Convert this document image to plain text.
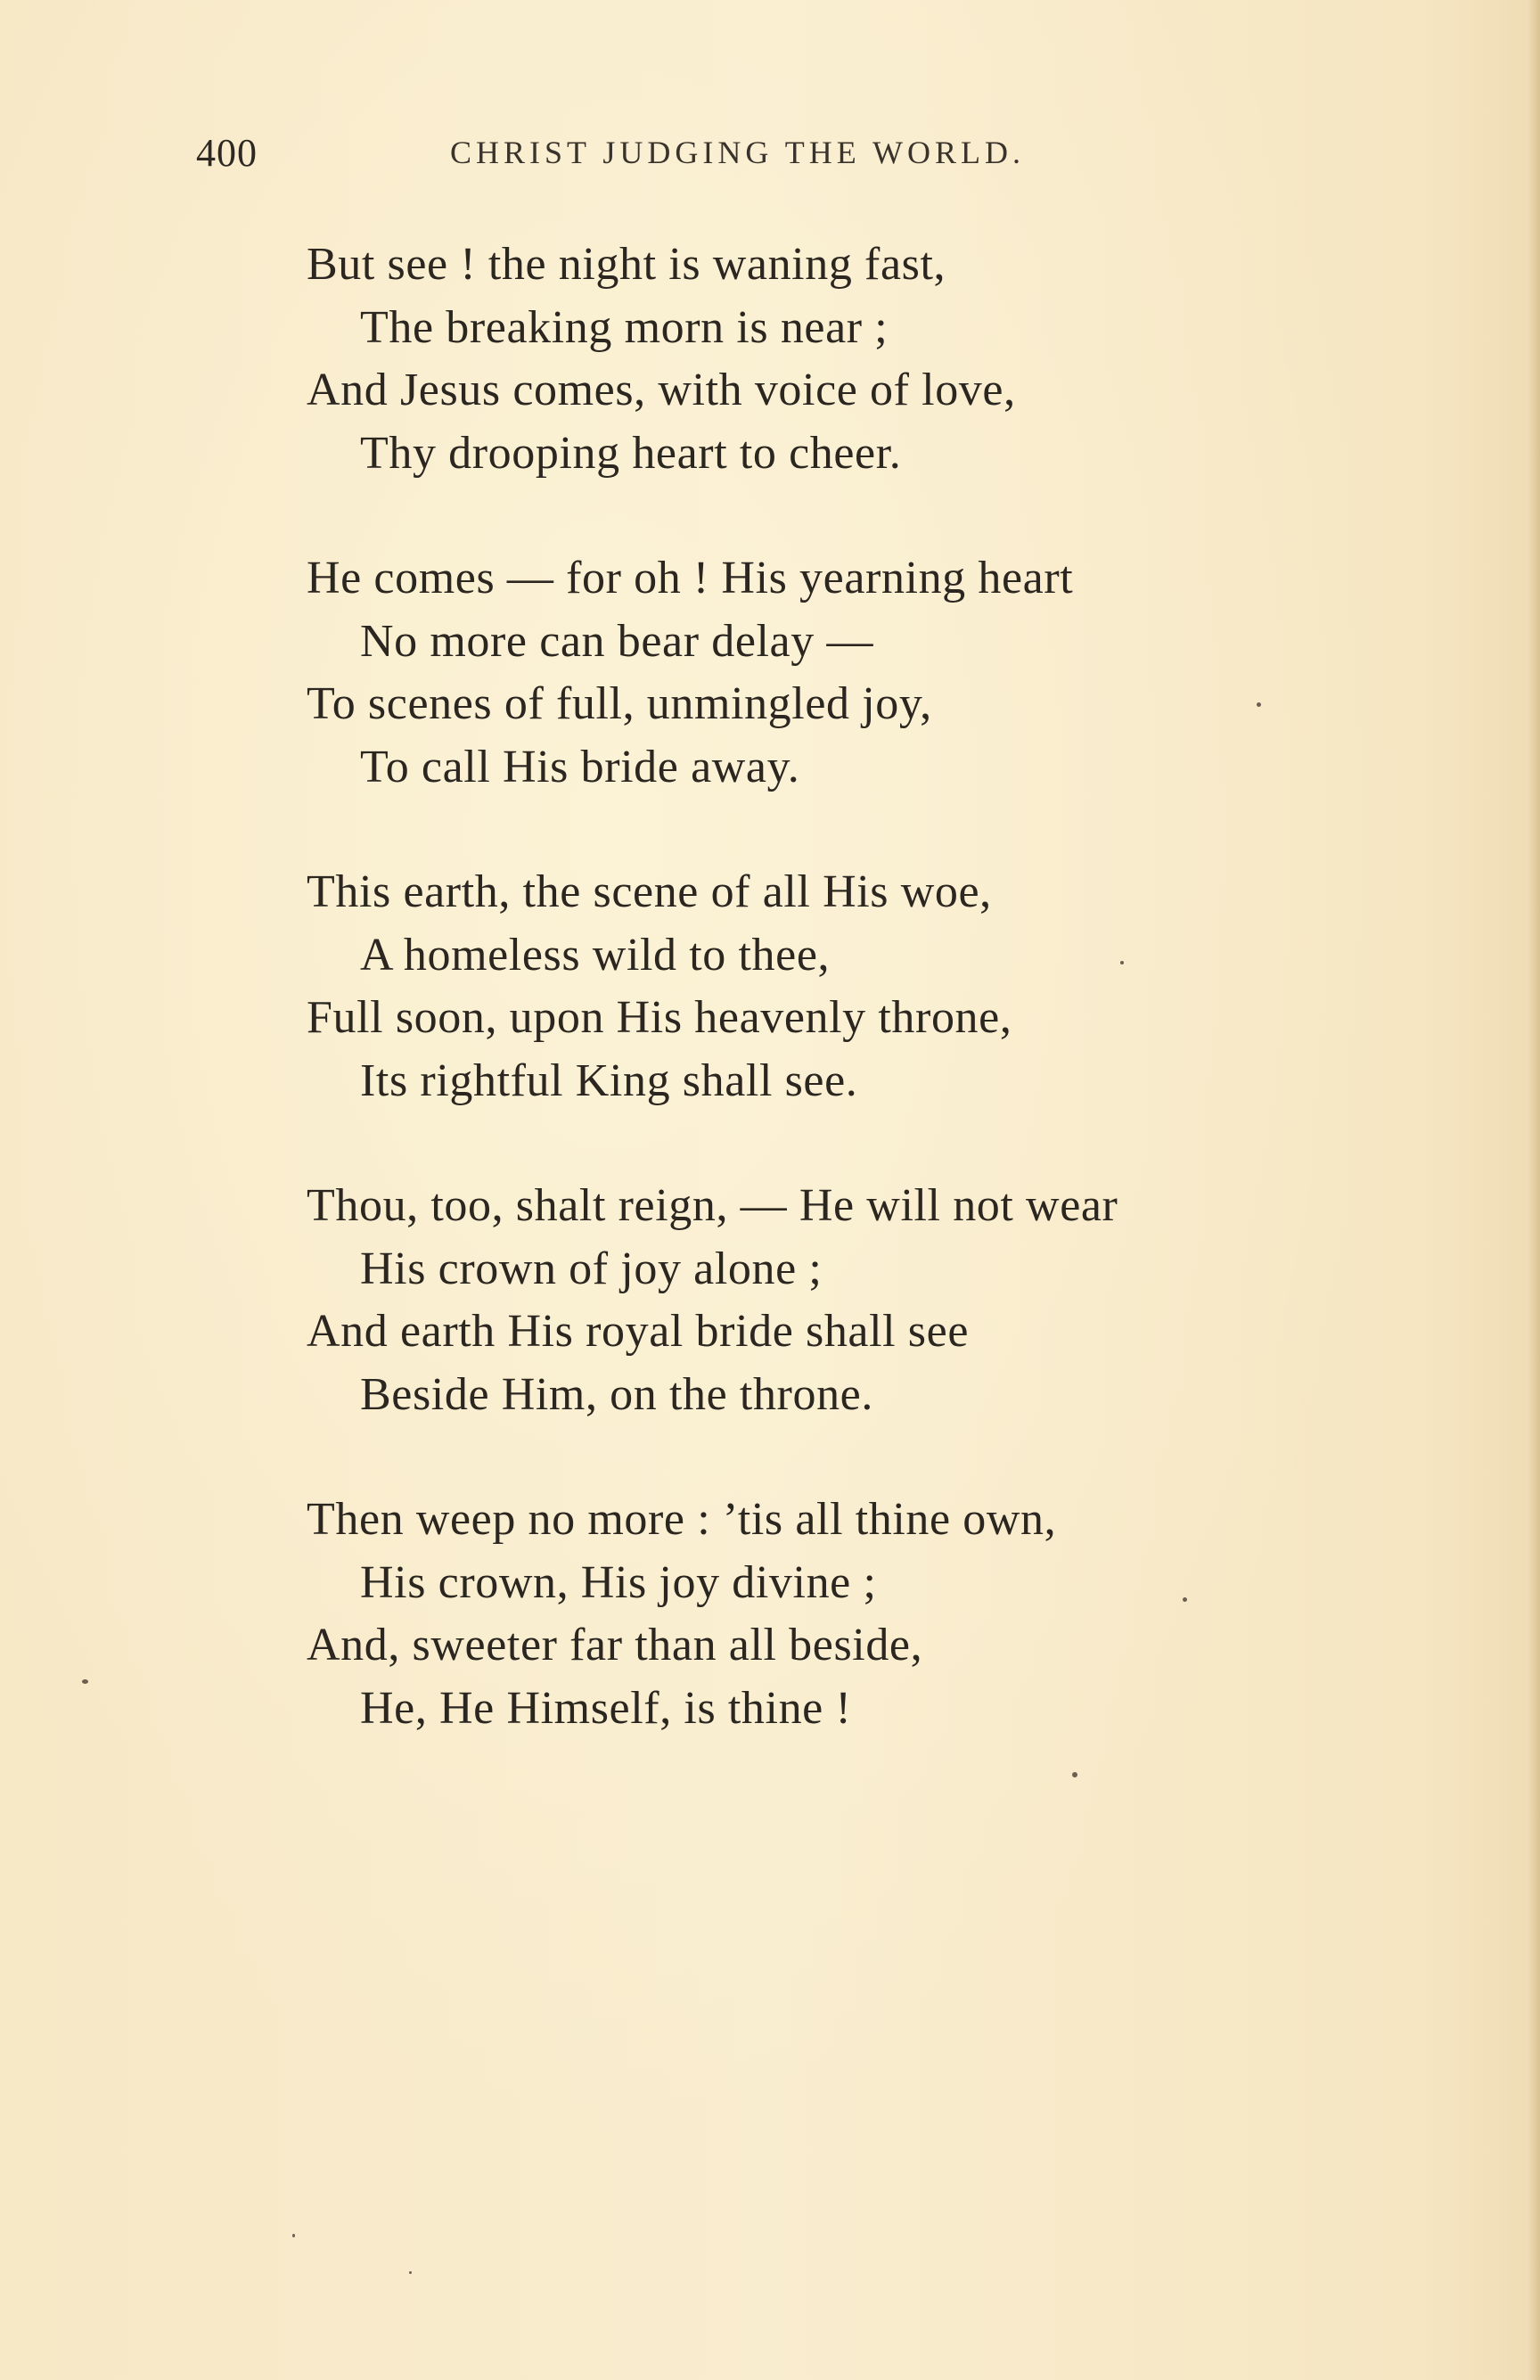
400	CHRIST JUDGING THE WORLD.
But see ! the night is waning fast,
The breaking morn is near ;
And Jesus comes, with voice of love,
Thy drooping heart to cheer.
He comes — for oh ! His yearning heart
No more can bear delay —
To scenes of full, unmingled joy,
To call His bride away.
This earth, the scene of all His woe,
A homeless wild to thee,
Full soon, upon His heavenly throne,
Its rightful King shall see.
Thou, too, shalt reign, — He will not wear
His crown of joy alone ;
And earth His royal bride shall see
Beside Him, on the throne.
Then weep no more : ’tis all thine own,
His crown, His joy divine ;
And, sweeter far than all beside,
He, He Himself, is thine !
